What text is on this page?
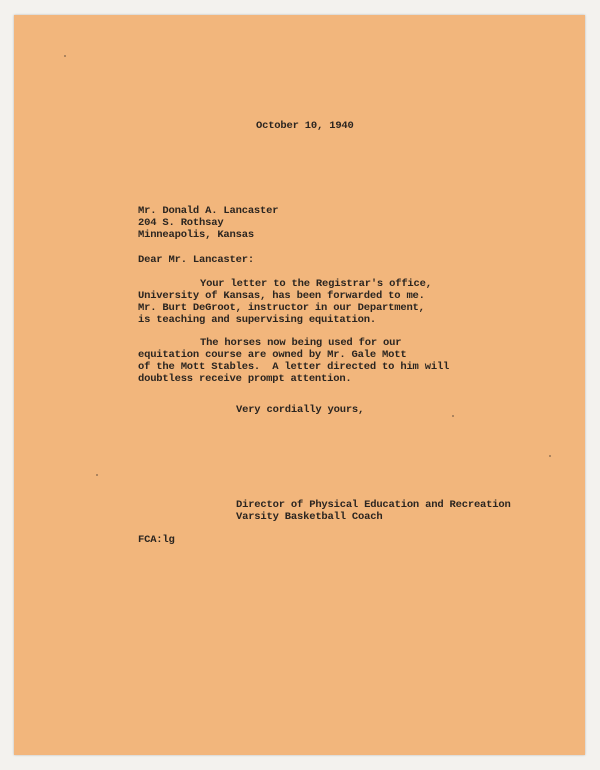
October 10, 1940

Mr. Donald A. Lancaster

204 S. Rothsay

Minneapolis, Kansas

Dear Mr. Lancaster:

Your letter to the Registrar's office,

University of Kansas, has been forwarded to me.

Mr. Burt DeGroot, instructor in our Department,

is teaching and supervising equitation.

The horses now being used for our

equitation course are owned by Mr. Gale Mott

of the Mott Stables.  A letter directed to him will

doubtless receive prompt attention.

Very cordially yours,

Director of Physical Education and Recreation

Varsity Basketball Coach

FCA:lg
